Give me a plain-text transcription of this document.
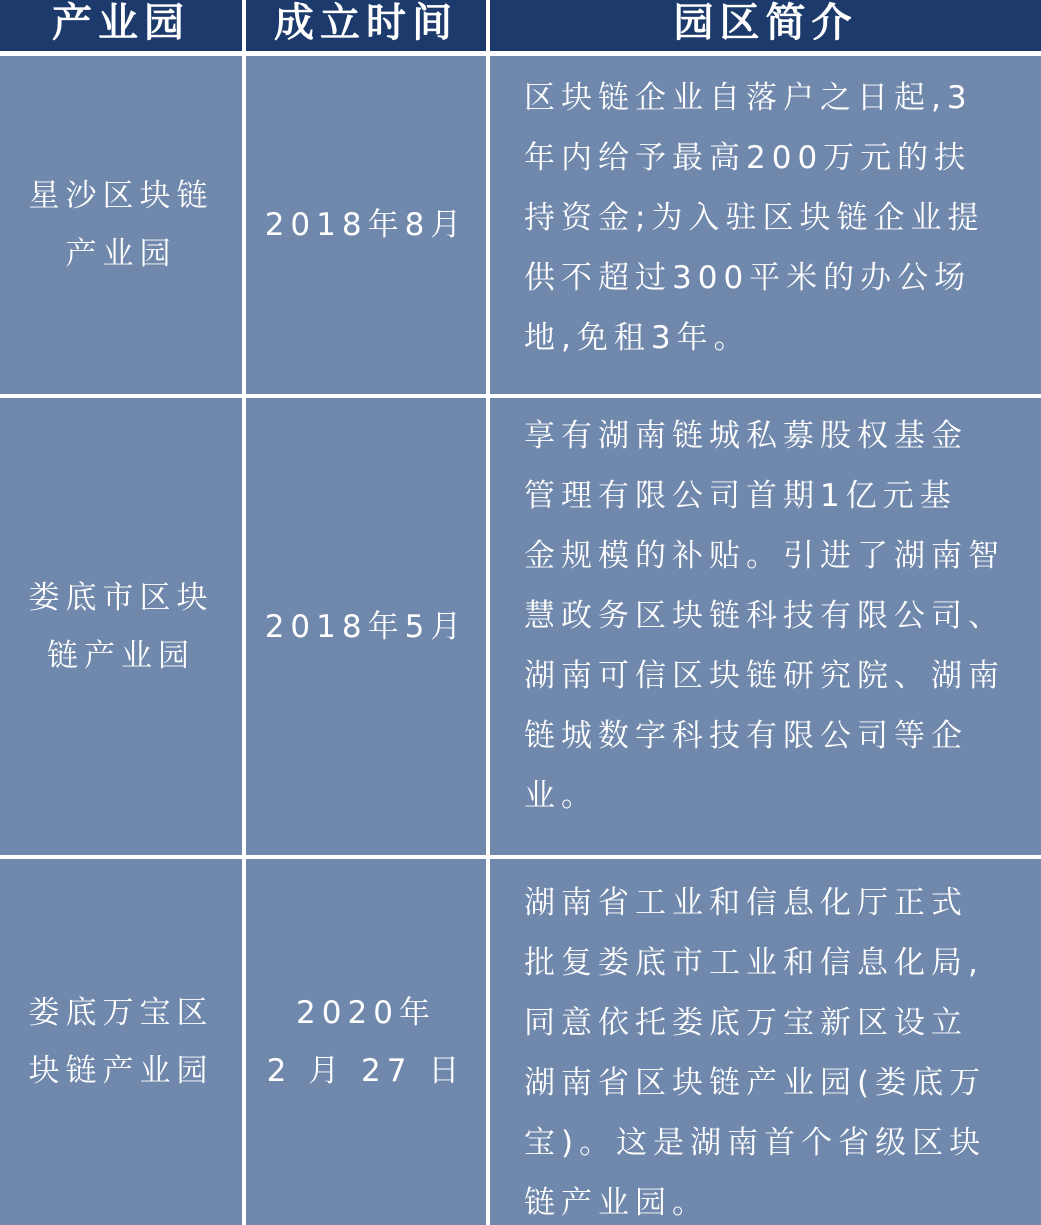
产业园 成立时间	园区简介
星沙区块链
产业园
2018年8月
区块链企业自落户之日起,3
年内给予最高200万元的扶
持资金;为入驻区块链企业提
供不超过300平米的办公场
地,免租3年。
娄底市区块
链产业园
2018年5月
享有湖南链城私募股权基金
管理有限公司首期1亿元基
金规模的补贴。引进了湖南智
慧政务区块链科技有限公司、
湖南可信区块链研究院、湖南
链城数字科技有限公司等企
业。
娄底万宝区
块链产业园
2020年
2 月 27 日
湖南省工业和信息化厅正式
批复娄底市工业和信息化局,
同意依托娄底万宝新区设立
湖南省区块链产业园(娄底万
宝)。这是湖南首个省级区块
链产业园。
